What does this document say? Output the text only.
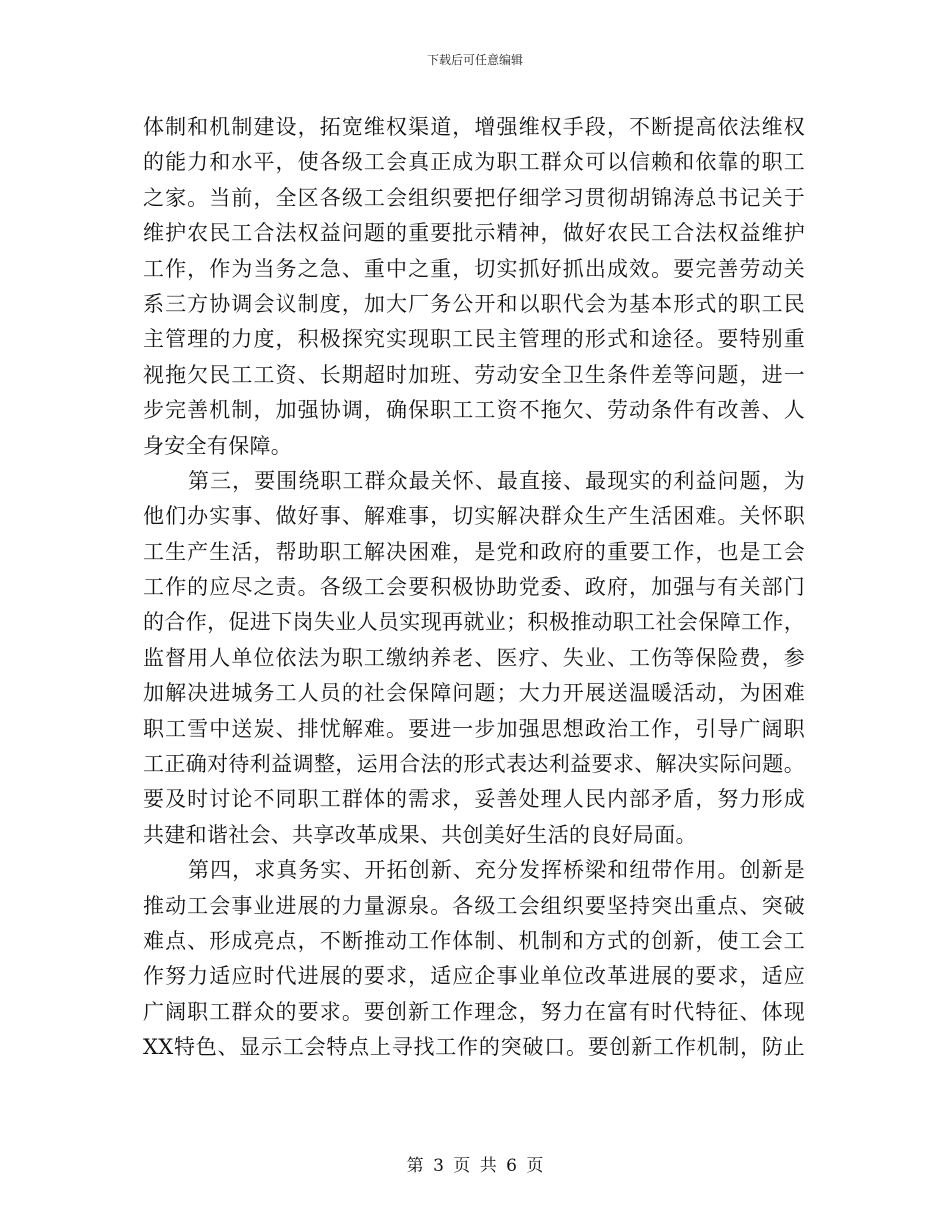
下载后可任意编辑
体制和机制建设，拓宽维权渠道，增强维权手段，不断提高依法维权
的能力和水平，使各级工会真正成为职工群众可以信赖和依靠的职工
之家。当前，全区各级工会组织要把仔细学习贯彻胡锦涛总书记关于
维护农民工合法权益问题的重要批示精神，做好农民工合法权益维护
工作，作为当务之急、重中之重，切实抓好抓出成效。要完善劳动关
系三方协调会议制度，加大厂务公开和以职代会为基本形式的职工民
主管理的力度，积极探究实现职工民主管理的形式和途径。要特别重
视拖欠民工工资、长期超时加班、劳动安全卫生条件差等问题，进一
步完善机制，加强协调，确保职工工资不拖欠、劳动条件有改善、人
身安全有保障。
第三，要围绕职工群众最关怀、最直接、最现实的利益问题，为
他们办实事、做好事、解难事，切实解决群众生产生活困难。关怀职
工生产生活，帮助职工解决困难，是党和政府的重要工作，也是工会
工作的应尽之责。各级工会要积极协助党委、政府，加强与有关部门
的合作，促进下岗失业人员实现再就业；积极推动职工社会保障工作，
监督用人单位依法为职工缴纳养老、医疗、失业、工伤等保险费，参
加解决进城务工人员的社会保障问题；大力开展送温暖活动，为困难
职工雪中送炭、排忧解难。要进一步加强思想政治工作，引导广阔职
工正确对待利益调整，运用合法的形式表达利益要求、解决实际问题。
要及时讨论不同职工群体的需求，妥善处理人民内部矛盾，努力形成
共建和谐社会、共享改革成果、共创美好生活的良好局面。
第四，求真务实、开拓创新、充分发挥桥梁和纽带作用。创新是
推动工会事业进展的力量源泉。各级工会组织要坚持突出重点、突破
难点、形成亮点，不断推动工作体制、机制和方式的创新，使工会工
作努力适应时代进展的要求，适应企事业单位改革进展的要求，适应
广阔职工群众的要求。要创新工作理念，努力在富有时代特征、体现
XX特色、显示工会特点上寻找工作的突破口。要创新工作机制，防止
第 3 页 共 6 页
